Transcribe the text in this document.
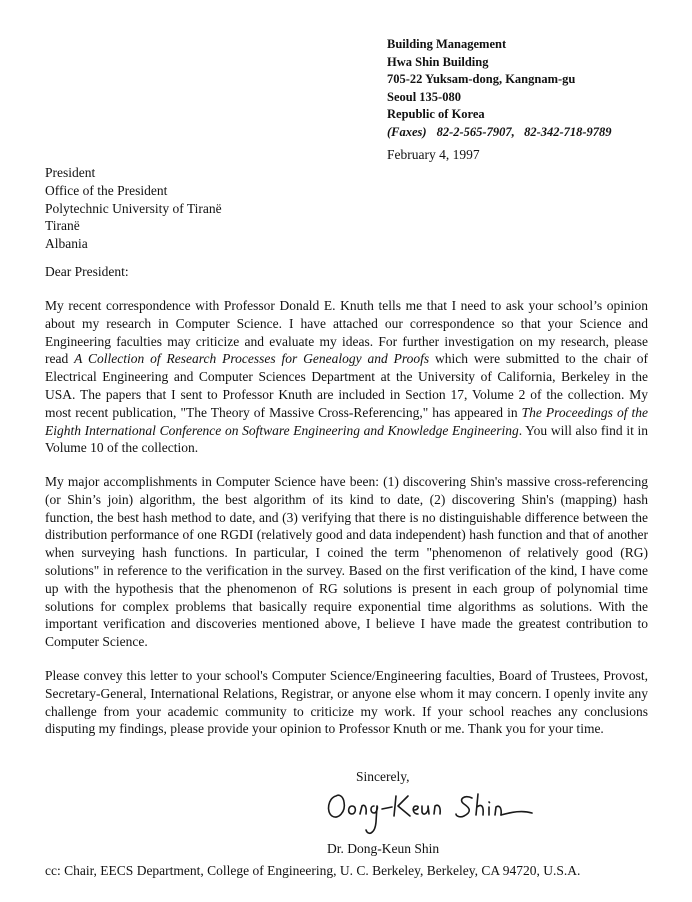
Building Management
Hwa Shin Building
705-22 Yuksam-dong, Kangnam-gu
Seoul 135-080
Republic of Korea
(Faxes) 82-2-565-7907,   82-342-718-9789
February 4, 1997
President
Office of the President
Polytechnic University of Tiranë
Tiranë
Albania
Dear President:

My recent correspondence with Professor Donald E. Knuth tells me that I need to ask your school’s opinion about my research in Computer Science. I have attached our correspondence so that your Science and Engineering faculties may criticize and evaluate my ideas. For further investigation on my research, please read A Collection of Research Processes for Genealogy and Proofs which were submitted to the chair of Electrical Engineering and Computer Sciences Department at the University of California, Berkeley in the USA. The papers that I sent to Professor Knuth are included in Section 17, Volume 2 of the collection. My most recent publication, "The Theory of Massive Cross-Referencing," has appeared in The Proceedings of the Eighth International Conference on Software Engineering and Knowledge Engineering. You will also find it in Volume 10 of the collection.

My major accomplishments in Computer Science have been: (1) discovering Shin's massive cross-referencing (or Shin’s join) algorithm, the best algorithm of its kind to date, (2) discovering Shin's (mapping) hash function, the best hash method to date, and (3) verifying that there is no distinguishable difference between the distribution performance of one RGDI (relatively good and data independent) hash function and that of another when surveying hash functions. In particular, I coined the term "phenomenon of relatively good (RG) solutions" in reference to the verification in the survey. Based on the first verification of the kind, I have come up with the hypothesis that the phenomenon of RG solutions is present in each group of polynomial time solutions for complex problems that basically require exponential time algorithms as solutions. With the important verification and discoveries mentioned above, I believe I have made the greatest contribution to Computer Science.

Please convey this letter to your school's Computer Science/Engineering faculties, Board of Trustees, Provost, Secretary-General, International Relations, Registrar, or anyone else whom it may concern. I openly invite any challenge from your academic community to criticize my work. If your school reaches any conclusions disputing my findings, please provide your opinion to Professor Knuth or me. Thank you for your time.

Sincerely,
Dr. Dong-Keun Shin
cc: Chair, EECS Department, College of Engineering, U. C. Berkeley, Berkeley, CA 94720, U.S.A.
